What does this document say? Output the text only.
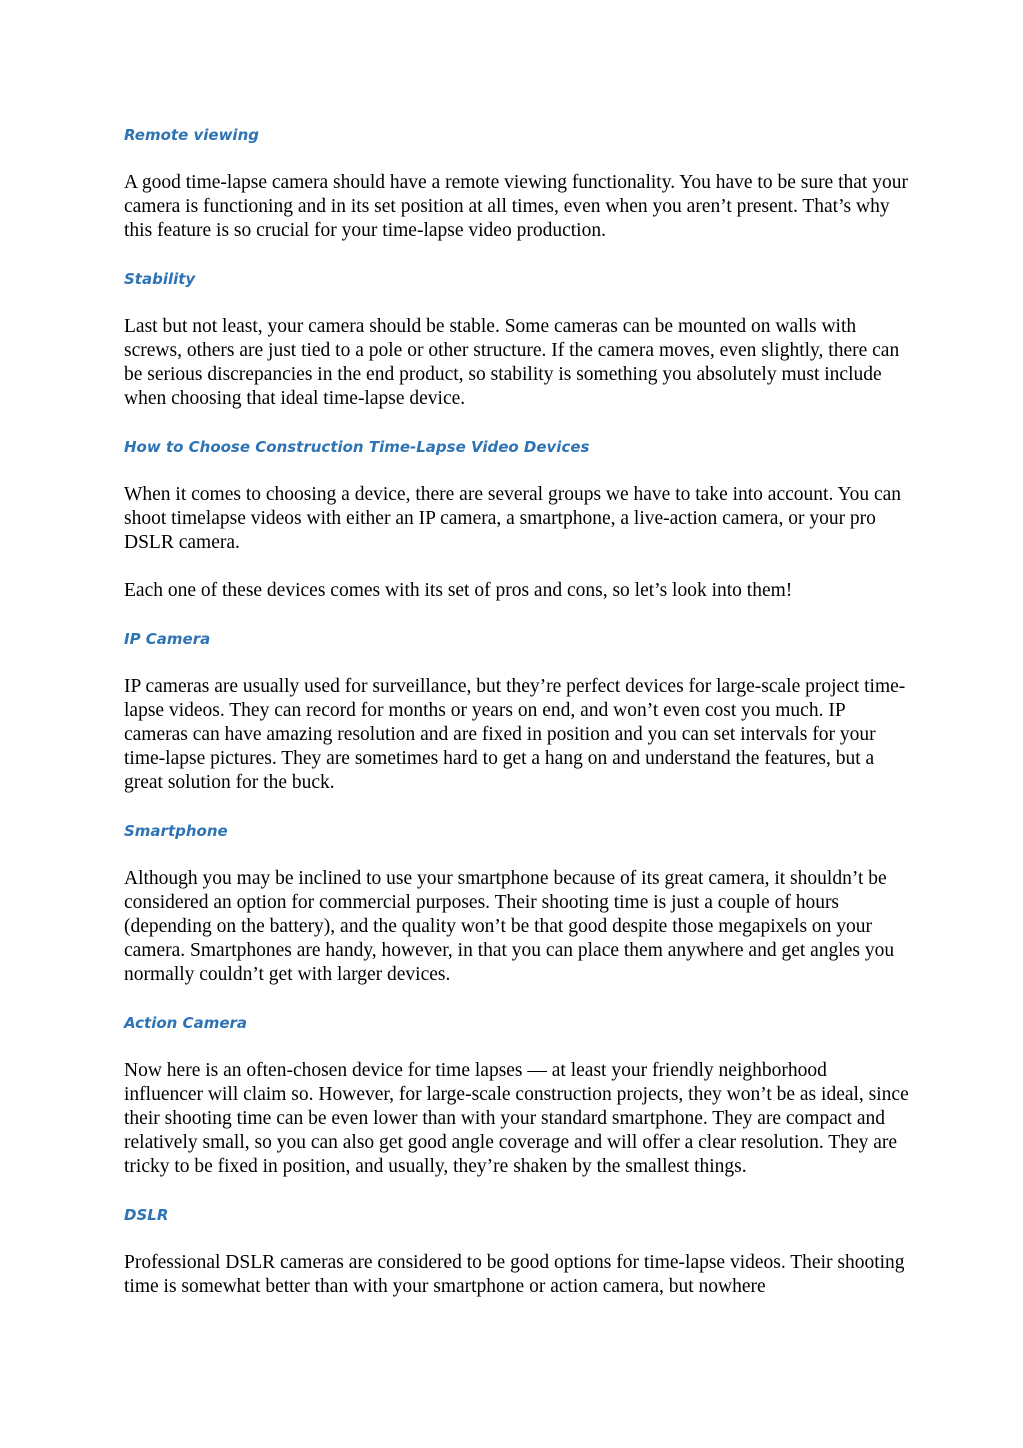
Remote viewing

A good time-lapse camera should have a remote viewing functionality. You have to be sure that your camera is functioning and in its set position at all times, even when you aren’t present. That’s why this feature is so crucial for your time-lapse video production.

Stability

Last but not least, your camera should be stable. Some cameras can be mounted on walls with screws, others are just tied to a pole or other structure. If the camera moves, even slightly, there can be serious discrepancies in the end product, so stability is something you absolutely must include when choosing that ideal time-lapse device.

How to Choose Construction Time-Lapse Video Devices

When it comes to choosing a device, there are several groups we have to take into account. You can shoot timelapse videos with either an IP camera, a smartphone, a live-action camera, or your pro DSLR camera.

Each one of these devices comes with its set of pros and cons, so let’s look into them!

IP Camera

IP cameras are usually used for surveillance, but they’re perfect devices for large-scale project time-lapse videos. They can record for months or years on end, and won’t even cost you much. IP cameras can have amazing resolution and are fixed in position and you can set intervals for your time-lapse pictures. They are sometimes hard to get a hang on and understand the features, but a great solution for the buck.

Smartphone

Although you may be inclined to use your smartphone because of its great camera, it shouldn’t be considered an option for commercial purposes. Their shooting time is just a couple of hours (depending on the battery), and the quality won’t be that good despite those megapixels on your camera. Smartphones are handy, however, in that you can place them anywhere and get angles you normally couldn’t get with larger devices.

Action Camera

Now here is an often-chosen device for time lapses — at least your friendly neighborhood influencer will claim so. However, for large-scale construction projects, they won’t be as ideal, since their shooting time can be even lower than with your standard smartphone. They are compact and relatively small, so you can also get good angle coverage and will offer a clear resolution. They are tricky to be fixed in position, and usually, they’re shaken by the smallest things.

DSLR

Professional DSLR cameras are considered to be good options for time-lapse videos. Their shooting time is somewhat better than with your smartphone or action camera, but nowhere
